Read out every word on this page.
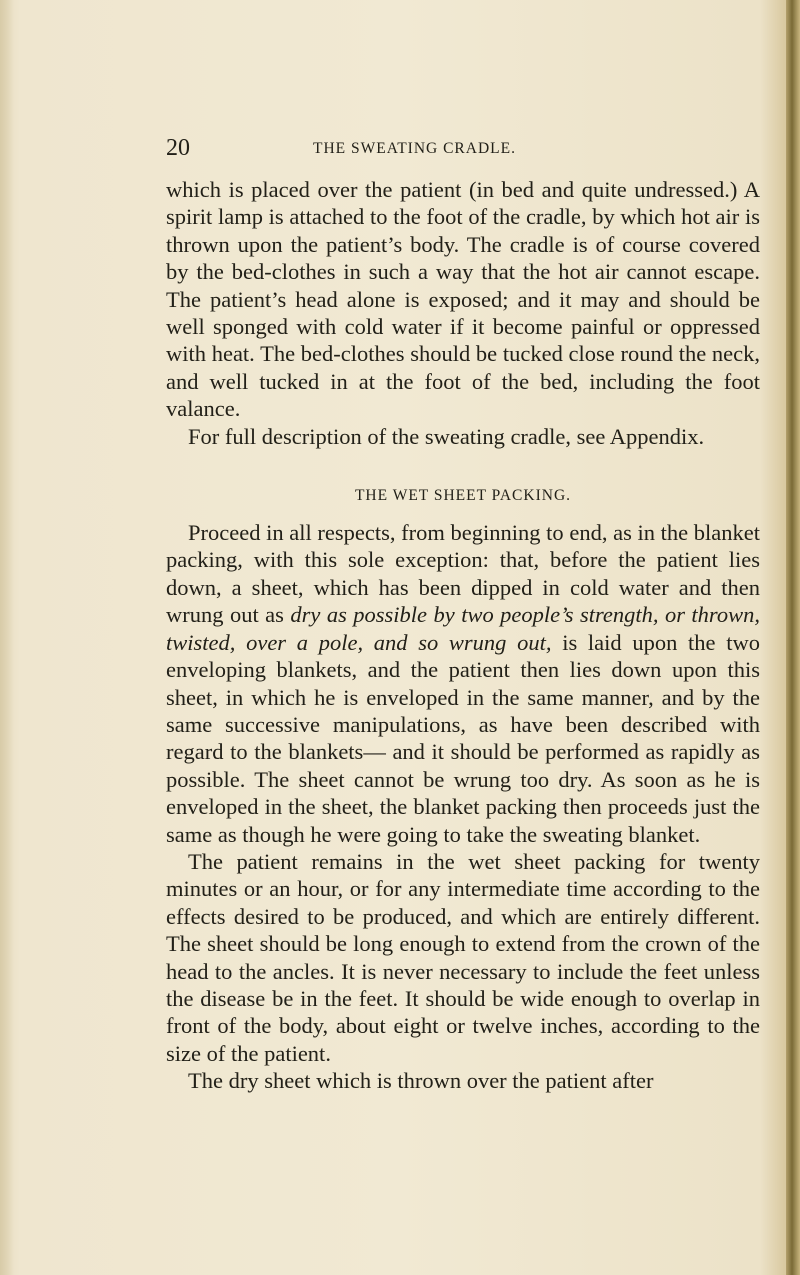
20	THE SWEATING CRADLE.

which is placed over the patient (in bed and quite undressed.) A spirit lamp is attached to the foot of the cradle, by which hot air is thrown upon the patient’s body. The cradle is of course covered by the bed-clothes in such a way that the hot air cannot escape. The patient’s head alone is exposed; and it may and should be well sponged with cold water if it become painful or oppressed with heat. The bed-clothes should be tucked close round the neck, and well tucked in at the foot of the bed, including the foot valance.

For full description of the sweating cradle, see Appendix.

THE WET SHEET PACKING.

Proceed in all respects, from beginning to end, as in the blanket packing, with this sole exception: that, before the patient lies down, a sheet, which has been dipped in cold water and then wrung out as dry as possible by two people’s strength, or thrown, twisted, over a pole, and so wrung out, is laid upon the two enveloping blankets, and the patient then lies down upon this sheet, in which he is enveloped in the same manner, and by the same successive manipulations, as have been described with regard to the blankets— and it should be performed as rapidly as possible. The sheet cannot be wrung too dry. As soon as he is enveloped in the sheet, the blanket packing then proceeds just the same as though he were going to take the sweating blanket.

The patient remains in the wet sheet packing for twenty minutes or an hour, or for any intermediate time according to the effects desired to be produced, and which are entirely different. The sheet should be long enough to extend from the crown of the head to the ancles. It is never necessary to include the feet unless the disease be in the feet. It should be wide enough to overlap in front of the body, about eight or twelve inches, according to the size of the patient.

The dry sheet which is thrown over the patient after
